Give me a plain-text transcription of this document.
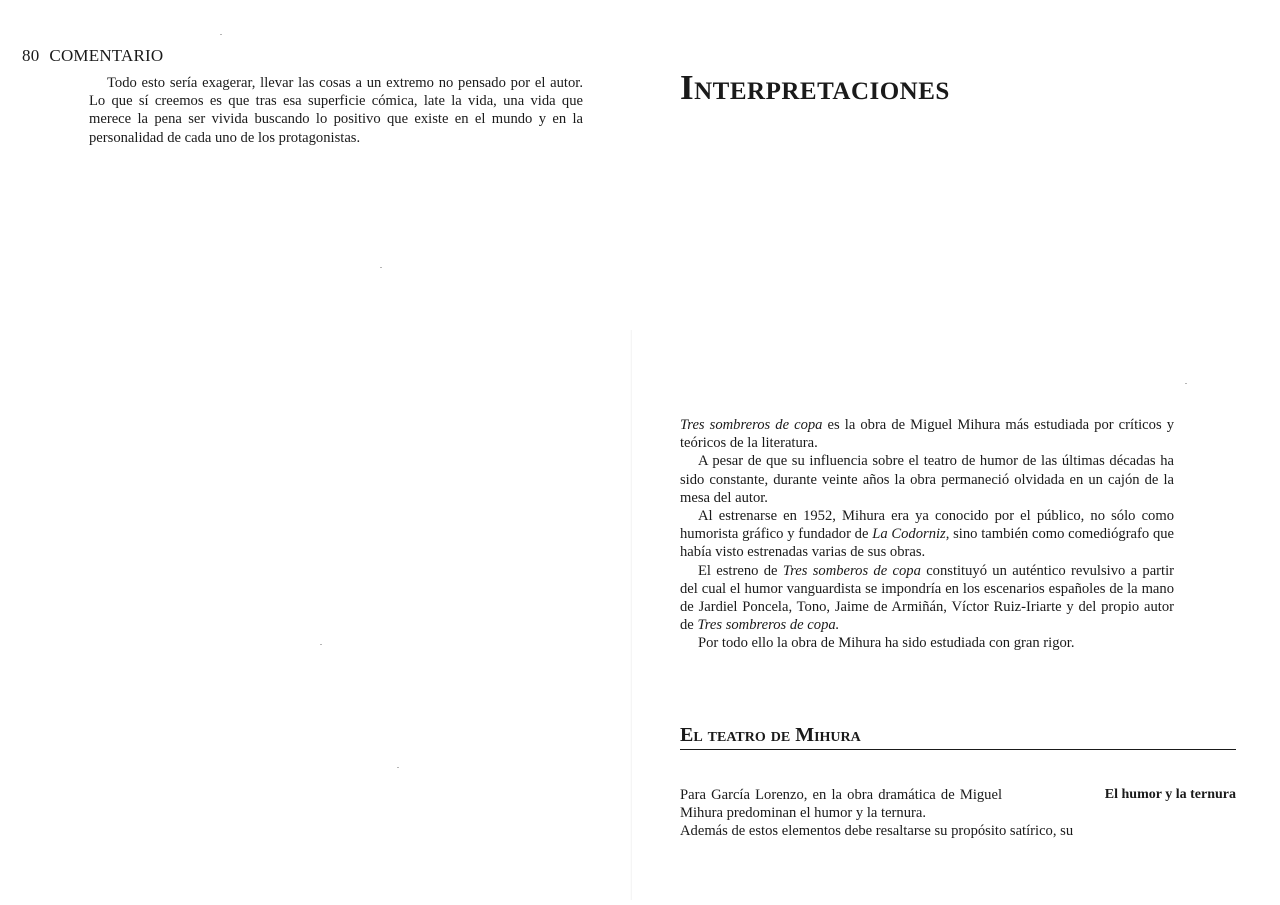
80 COMENTARIO

Todo esto sería exagerar, llevar las cosas a un extremo no pensado por el autor. Lo que sí creemos es que tras esa superficie cómica, late la vida, una vida que merece la pena ser vivida buscando lo positivo que existe en el mundo y en la personalidad de cada uno de los protagonistas.

Interpretaciones

Tres sombreros de copa es la obra de Miguel Mihura más estudiada por críticos y teóricos de la literatura.

A pesar de que su influencia sobre el teatro de humor de las últimas décadas ha sido constante, durante veinte años la obra permaneció olvidada en un cajón de la mesa del autor.

Al estrenarse en 1952, Mihura era ya conocido por el público, no sólo como humorista gráfico y fundador de La Codorniz, sino también como comediógrafo que había visto estrenadas varias de sus obras.

El estreno de Tres somberos de copa constituyó un auténtico revulsivo a partir del cual el humor vanguardista se impondría en los escenarios españoles de la mano de Jardiel Poncela, Tono, Jaime de Armiñán, Víctor Ruiz-Iriarte y del propio autor de Tres sombreros de copa.

Por todo ello la obra de Mihura ha sido estudiada con gran rigor.

El teatro de Mihura
El humor y la ternura

Para García Lorenzo, en la obra dramática de Miguel Mihura predominan el humor y la ternura.

Además de estos elementos debe resaltarse su propósito satírico, su
